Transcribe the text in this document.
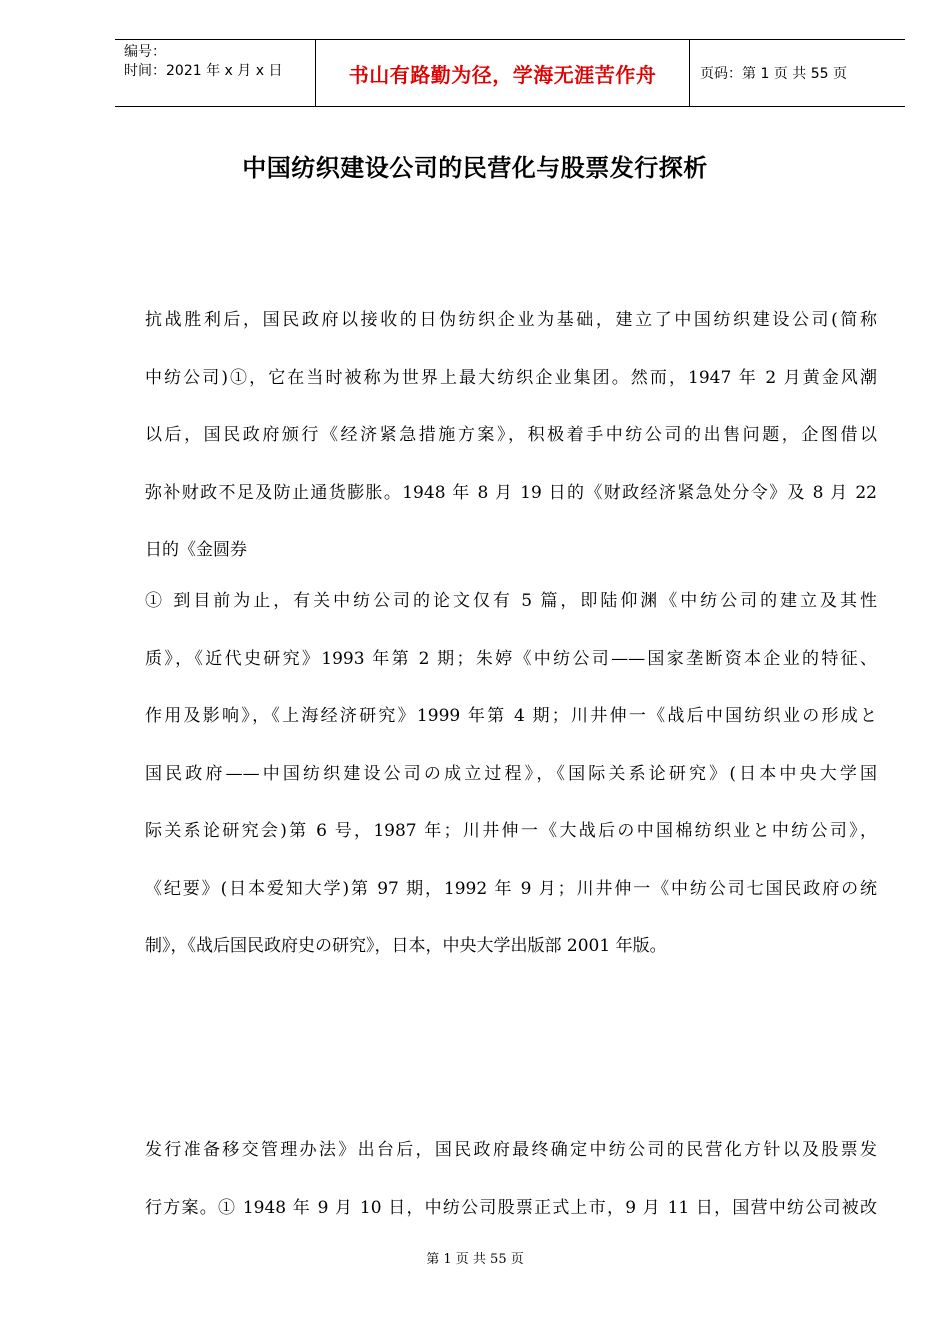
编号：
时间：2021 年 x 月 x 日	书山有路勤为径，学海无涯苦作舟	页码：第 1 页 共 55 页
中国纺织建设公司的民营化与股票发行探析
抗战胜利后，国民政府以接收的日伪纺织企业为基础，建立了中国纺织建设公司(简称
中纺公司)①，它在当时被称为世界上最大纺织企业集团。然而，1947 年 2 月黄金风潮
以后，国民政府颁行《经济紧急措施方案》，积极着手中纺公司的出售问题，企图借以
弥补财政不足及防止通货膨胀。1948 年 8 月 19 日的《财政经济紧急处分令》及 8 月 22
日的《金圆券
① 到目前为止，有关中纺公司的论文仅有 5 篇，即陆仰渊《中纺公司的建立及其性
质》，《近代史研究》1993 年第 2 期；朱婷《中纺公司——国家垄断资本企业的特征、
作用及影响》，《上海经济研究》1999 年第 4 期；川井伸一《战后中国纺织业の形成と
国民政府——中国纺织建设公司の成立过程》，《国际关系论研究》(日本中央大学国
际关系论研究会)第 6 号，1987 年；川井伸一《大战后の中国棉纺织业と中纺公司》，
《纪要》(日本爱知大学)第 97 期，1992 年 9 月；川井伸一《中纺公司七国民政府の统
制》，《战后国民政府史の研究》，日本，中央大学出版部 2001 年版。
发行准备移交管理办法》出台后，国民政府最终确定中纺公司的民营化方针以及股票发
行方案。① 1948 年 9 月 10 日，中纺公司股票正式上市，9 月 11 日，国营中纺公司被改
第 1 页 共 55 页
